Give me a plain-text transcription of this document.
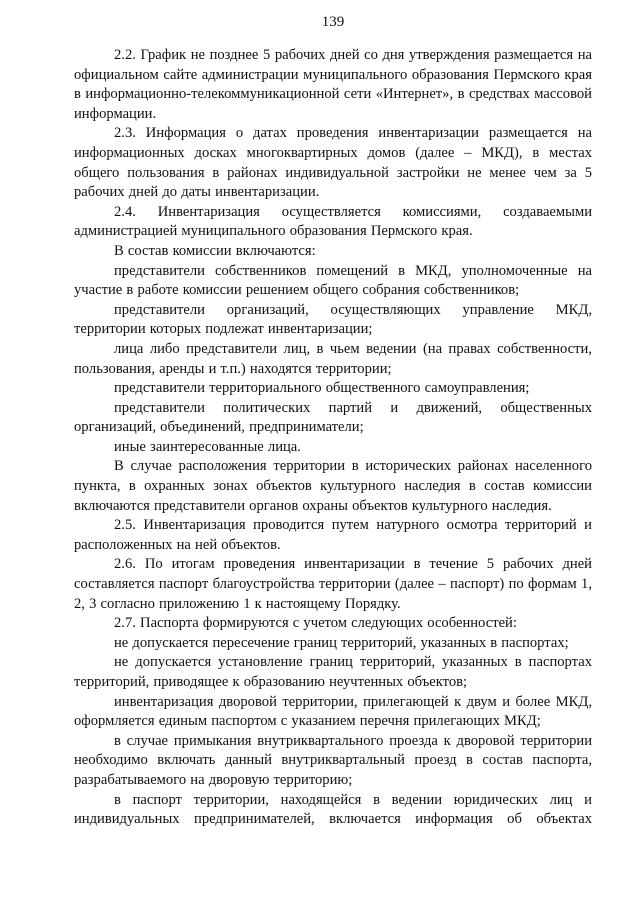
139

2.2. График не позднее 5 рабочих дней со дня утверждения размещается на официальном сайте администрации муниципального образования Пермского края в информационно-телекоммуникационной сети «Интернет», в средствах массовой информации.

2.3. Информация о датах проведения инвентаризации размещается на информационных досках многоквартирных домов (далее – МКД), в местах общего пользования в районах индивидуальной застройки не менее чем за 5 рабочих дней до даты инвентаризации.

2.4. Инвентаризация осуществляется комиссиями, создаваемыми администрацией муниципального образования Пермского края.

В состав комиссии включаются:

представители собственников помещений в МКД, уполномоченные на участие в работе комиссии решением общего собрания собственников;

представители организаций, осуществляющих управление МКД, территории которых подлежат инвентаризации;

лица либо представители лиц, в чьем ведении (на правах собственности, пользования, аренды и т.п.) находятся территории;

представители территориального общественного самоуправления;

представители политических партий и движений, общественных организаций, объединений, предприниматели;

иные заинтересованные лица.

В случае расположения территории в исторических районах населенного пункта, в охранных зонах объектов культурного наследия в состав комиссии включаются представители органов охраны объектов культурного наследия.

2.5. Инвентаризация проводится путем натурного осмотра территорий и расположенных на ней объектов.

2.6. По итогам проведения инвентаризации в течение 5 рабочих дней составляется паспорт благоустройства территории (далее – паспорт) по формам 1, 2, 3 согласно приложению 1 к настоящему Порядку.

2.7. Паспорта формируются с учетом следующих особенностей:

не допускается пересечение границ территорий, указанных в паспортах;

не допускается установление границ территорий, указанных в паспортах территорий, приводящее к образованию неучтенных объектов;

инвентаризация дворовой территории, прилегающей к двум и более МКД, оформляется единым паспортом с указанием перечня прилегающих МКД;

в случае примыкания внутриквартального проезда к дворовой территории необходимо включать данный внутриквартальный проезд в состав паспорта, разрабатываемого на дворовую территорию;

в паспорт территории, находящейся в ведении юридических лиц и индивидуальных предпринимателей, включается информация об объектах
